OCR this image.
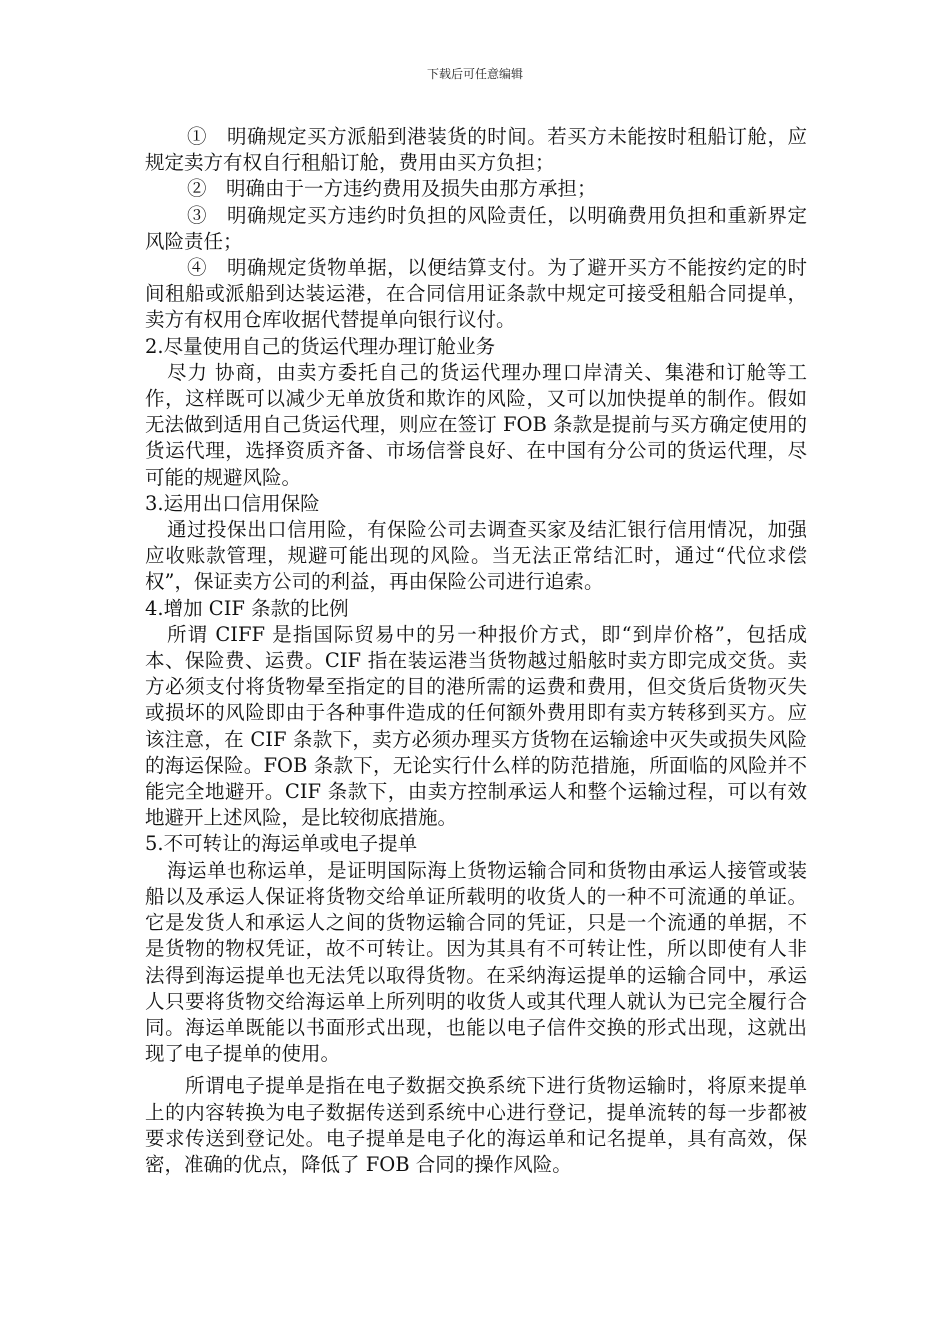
下载后可任意编辑

①　明确规定买方派船到港装货的时间。若买方未能按时租船订舱，应规定卖方有权自行租船订舱，费用由买方负担；

②　明确由于一方违约费用及损失由那方承担；

③　明确规定买方违约时负担的风险责任，以明确费用负担和重新界定风险责任；

④　明确规定货物单据，以便结算支付。为了避开买方不能按约定的时间租船或派船到达装运港，在合同信用证条款中规定可接受租船合同提单，卖方有权用仓库收据代替提单向银行议付。

2.尽量使用自己的货运代理办理订舱业务

尽力 协商，由卖方委托自己的货运代理办理口岸清关、集港和订舱等工作，这样既可以减少无单放货和欺诈的风险，又可以加快提单的制作。假如无法做到适用自己货运代理，则应在签订 FOB 条款是提前与买方确定使用的货运代理，选择资质齐备、市场信誉良好、在中国有分公司的货运代理，尽可能的规避风险。

3.运用出口信用保险

通过投保出口信用险，有保险公司去调查买家及结汇银行信用情况，加强应收账款管理，规避可能出现的风险。当无法正常结汇时，通过“代位求偿权”，保证卖方公司的利益，再由保险公司进行追索。

4.增加 CIF 条款的比例

所谓 CIFF 是指国际贸易中的另一种报价方式，即“到岸价格”，包括成本、保险费、运费。CIF 指在装运港当货物越过船舷时卖方即完成交货。卖方必须支付将货物晕至指定的目的港所需的运费和费用，但交货后货物灭失或损坏的风险即由于各种事件造成的任何额外费用即有卖方转移到买方。应该注意，在 CIF 条款下，卖方必须办理买方货物在运输途中灭失或损失风险的海运保险。FOB 条款下，无论实行什么样的防范措施，所面临的风险并不能完全地避开。CIF 条款下，由卖方控制承运人和整个运输过程，可以有效地避开上述风险，是比较彻底措施。

5.不可转让的海运单或电子提单

海运单也称运单，是证明国际海上货物运输合同和货物由承运人接管或装船以及承运人保证将货物交给单证所载明的收货人的一种不可流通的单证。它是发货人和承运人之间的货物运输合同的凭证，只是一个流通的单据，不是货物的物权凭证，故不可转让。因为其具有不可转让性，所以即使有人非法得到海运提单也无法凭以取得货物。在采纳海运提单的运输合同中，承运人只要将货物交给海运单上所列明的收货人或其代理人就认为已完全履行合同。海运单既能以书面形式出现，也能以电子信件交换的形式出现，这就出现了电子提单的使用。

所谓电子提单是指在电子数据交换系统下进行货物运输时，将原来提单上的内容转换为电子数据传送到系统中心进行登记，提单流转的每一步都被要求传送到登记处。电子提单是电子化的海运单和记名提单，具有高效，保密，准确的优点，降低了 FOB 合同的操作风险。
